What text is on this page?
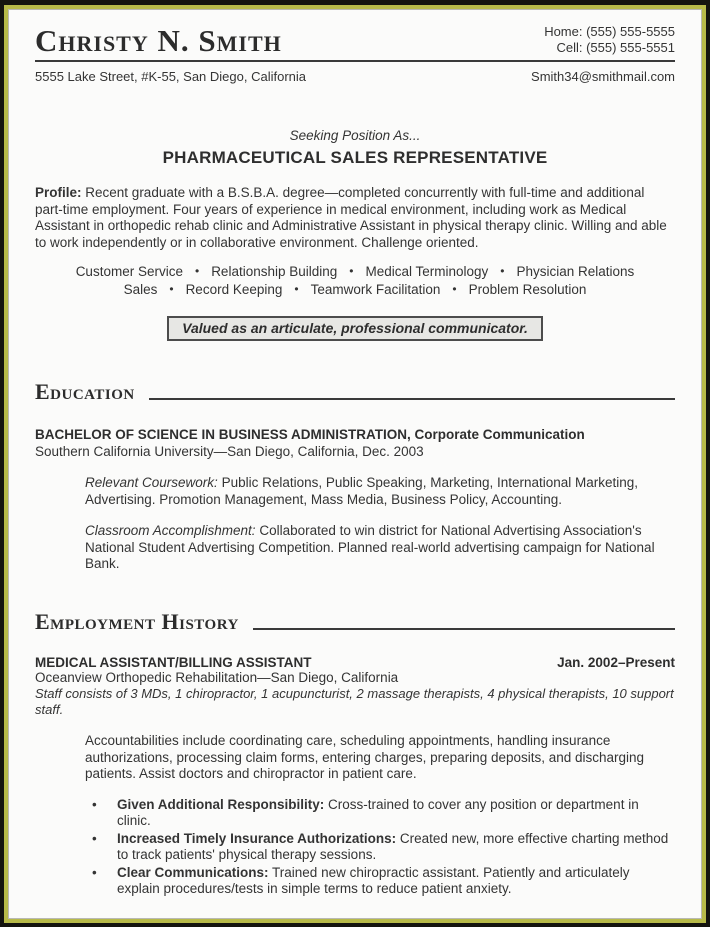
Christy N. Smith	Home: (555) 555-5555
Cell: (555) 555-5551
5555 Lake Street, #K-55, San Diego, California	Smith34@smithmail.com
Seeking Position As...
PHARMACEUTICAL SALES REPRESENTATIVE
Profile: Recent graduate with a B.S.B.A. degree—completed concurrently with full-time and additional part-time employment. Four years of experience in medical environment, including work as Medical Assistant in orthopedic rehab clinic and Administrative Assistant in physical therapy clinic. Willing and able to work independently or in collaborative environment. Challenge oriented.
Customer Service • Relationship Building • Medical Terminology • Physician Relations
Sales • Record Keeping • Teamwork Facilitation • Problem Resolution
Valued as an articulate, professional communicator.
Education
BACHELOR OF SCIENCE IN BUSINESS ADMINISTRATION, Corporate Communication
Southern California University—San Diego, California, Dec. 2003
Relevant Coursework: Public Relations, Public Speaking, Marketing, International Marketing, Advertising. Promotion Management, Mass Media, Business Policy, Accounting.
Classroom Accomplishment: Collaborated to win district for National Advertising Association's National Student Advertising Competition. Planned real-world advertising campaign for National Bank.
Employment History
MEDICAL ASSISTANT/BILLING ASSISTANT	Jan. 2002–Present
Oceanview Orthopedic Rehabilitation—San Diego, California
Staff consists of 3 MDs, 1 chiropractor, 1 acupuncturist, 2 massage therapists, 4 physical therapists, 10 support staff.
Accountabilities include coordinating care, scheduling appointments, handling insurance authorizations, processing claim forms, entering charges, preparing deposits, and discharging patients. Assist doctors and chiropractor in patient care.
• Given Additional Responsibility: Cross-trained to cover any position or department in clinic.
• Increased Timely Insurance Authorizations: Created new, more effective charting method to track patients' physical therapy sessions.
• Clear Communications: Trained new chiropractic assistant. Patiently and articulately explain procedures/tests in simple terms to reduce patient anxiety.
